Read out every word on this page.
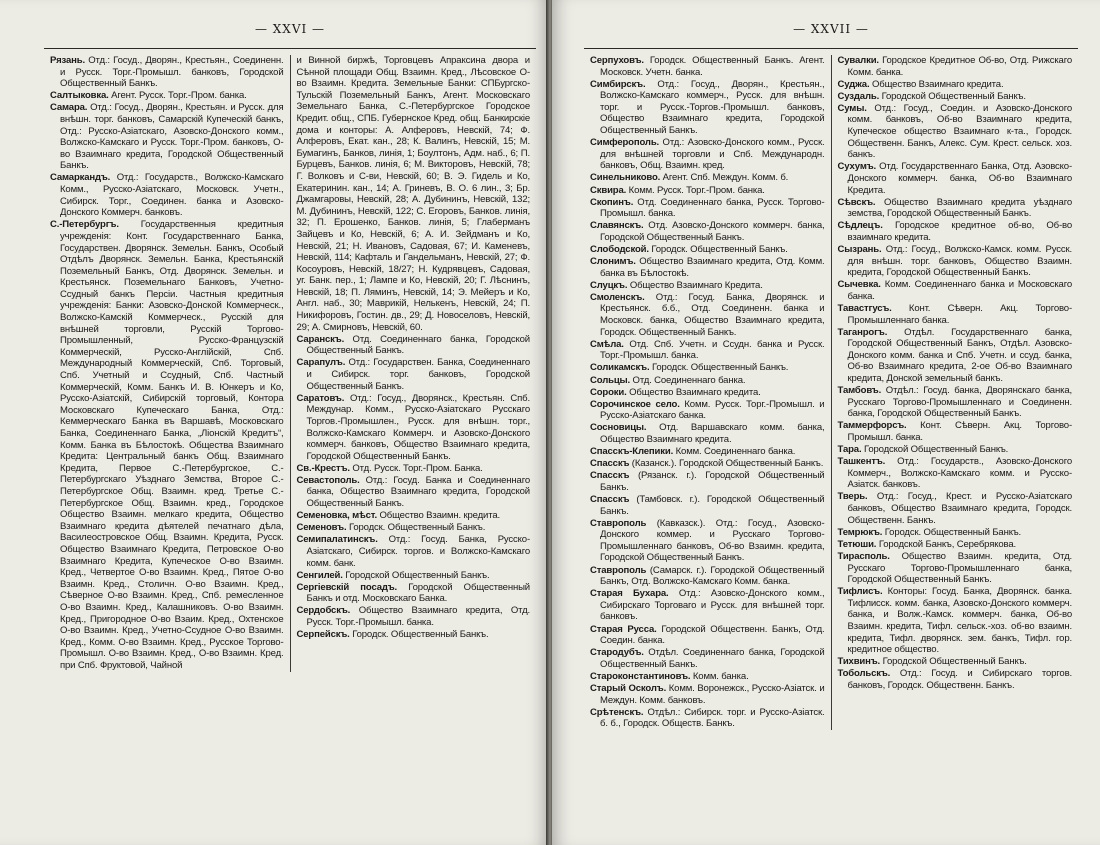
— XXVI —

Рязань. Отд.: Госуд., Дворян., Крестьян., Соединенн. и Русск. Торг.-Промышл. банковъ, Городской Общественный Банкъ.

Салтыковка. Агент. Русск. Торг.-Пром. банка.

Самара. Отд.: Госуд., Дворян., Крестьян. и Русск. для внѣшн. торг. банковъ, Самарскій Купеческій банкъ, Отд.: Русско-Азіатскаго, Азовско-Донского комм., Волжско-Камскаго и Русск. Торг.-Пром. банковъ, О-во Взаимнаго кредита, Городской Общественный Банкъ.

Самаркандъ. Отд.: Государств., Волжско-Камскаго Комм., Русско-Азіатскаго, Московск. Учетн., Сибирск. Торг., Соединен. банка и Азовско-Донского Коммерч. банковъ.

С.-Петербургъ. Государственныя кредитныя учрежденія: Конт. Государственнаго Банка, Государствен. Дворянск. Земельн. Банкъ, Особый Отдѣлъ Дворянск. Земельн. Банка, Крестьянскій Поземельный Банкъ, Отд. Дворянск. Земельн. и Крестьянск. Поземельнаго Банковъ, Учетно-Ссудный банкъ Персіи. Частныя кредитныя учрежденія: Банки: Азовско-Донской Коммерческ., Волжско-Камскій Коммерческ., Русскій для внѣшней торговли, Русскій Торгово-Промышленный, Русско-Французскій Коммерческій, Русско-Англійскій, Спб. Международный Коммерческій, Спб. Торговый, Спб. Учетный и Ссудный, Спб. Частный Коммерческій, Комм. Банкъ И. В. Юнкеръ и Ко, Русско-Азіатскій, Сибирскій торговый, Контора Московскаго Купеческаго Банка, Отд.: Кеммерческаго Банка въ Варшавѣ, Московскаго Банка, Соединеннаго Банка, „Ліонскій Кредитъ“, Комм. Банка въ Бѣлостокѣ. Общества Взаимнаго Кредита: Центральный банкъ Общ. Взаимнаго Кредита, Первое С.-Петербургское, С.-Петербургскаго Уѣзднаго Земства, Второе С.-Петербургское Общ. Взаимн. кред. Третье С.-Петербургское Общ. Взаимн. кред., Городское Общество Взаимн. мелкаго кредита, Общество Взаимнаго кредита дѣятелей печатнаго дѣла, Василеостровское Общ. Взаимн. Кредита, Русск. Общество Взаимнаго Кредита, Петровское О-во Взаимнаго Кредита, Купеческое О-во Взаимн. Кред., Четвертое О-во Взаимн. Кред., Пятое О-во Взаимн. Кред., Столичн. О-во Взаимн. Кред., Сѣверное О-во Взаимн. Кред., Спб. ремесленное О-во Взаимн. Кред., Калашниковъ. О-во Взаимн. Кред., Пригородное О-во Взаим. Кред., Охтенское О-во Взаимн. Кред., Учетно-Ссудное О-во Взаимн. Кред., Комм. О-во Взаимн. Кред., Русское Торгово-Промышл. О-во Взаимн. Кред., О-во Взаимн. Кред. при Спб. Фруктовой, Чайной

и Винной биржѣ, Торговцевъ Апраксина двора и Сѣнной площади Общ. Взаимн. Кред., Лѣсовское О-во Взаимн. Кредита. Земельные Банки: СПБургско-Тульскій Поземельный Банкъ, Агент. Московскаго Земельнаго Банка, С.-Петербургское Городское Кредит. общ., СПБ. Губернское Кред. общ. Банкирскіе дома и конторы: А. Алферовъ, Невскій, 74; Ф. Алферовъ, Екат. кан., 28; К. Валинъ, Невскій, 15; М. Бумагинъ, Банков, линія, 1; Боултонъ, Адм. наб., 6; П. Бурцевъ, Банков. линія, 6; М. Викторовъ, Невскій, 78; Г. Волковъ и С-ви, Невскій, 60; В. Э. Гидель и Ко, Екатеринин. кан., 14; А. Гриневъ, В. О. 6 лин., 3; Бр. Джамгаровы, Невскій, 28; А. Дубининъ, Невскій, 132; М. Дубининъ, Невскій, 122; С. Егоровъ, Банков. линія, 32; П. Ерошенко, Банков. линія, 5; Глаберманъ Зайцевъ и Ко, Невскій, 6; А. И. Зейдманъ и Ко, Невскій, 21; Н. Ивановъ, Садовая, 67; И. Каменевъ, Невскій, 114; Кафталь и Гандельманъ, Невскій, 27; Ф. Косоуровъ, Невскій, 18/27; Н. Кудрявцевъ, Садовая, уг. Банк. пер., 1; Лампе и Ко, Невскій, 20; Г. Лѣснинъ, Невскій, 18; П. Ляминъ, Невскій, 14; Э. Мейеръ и Ко, Англ. наб., 30; Маврикій, Нелькенъ, Невскій, 24; П. Никифоровъ, Гостин. дв., 29; Д. Новоселовъ, Невскій, 29; А. Смирновъ, Невскій, 60.

Саранскъ. Отд. Соединеннаго банка, Городской Общественный Банкъ.

Сарапулъ. Отд.: Государствен. Банка, Соединеннаго и Сибирск. торг. банковъ, Городской Общественный Банкъ.

Саратовъ. Отд.: Госуд., Дворянск., Крестьян. Спб. Междунар. Комм., Русско-Азіатскаго Русскаго Торгов.-Промышлен., Русск. для внѣшн. торг., Волжско-Камскаго Коммерч. и Азовско-Донского коммерч. банковъ, Общество Взаимнаго кредита, Городской Общественный Банкъ.

Св.-Крестъ. Отд. Русск. Торг.-Пром. Банка.

Севастополь. Отд.: Госуд. Банка и Соединеннаго банка, Общество Взаимнаго кредита, Городской Общественный Банкъ.

Семеновка, мѣст. Общество Взаимн. кредита.

Семеновъ. Городск. Общественный Банкъ.

Семипалатинскъ. Отд.: Госуд. Банка, Русско-Азіатскаго, Сибирск. торгов. и Волжско-Камскаго комм. банк.

Сенгилей. Городской Общественный Банкъ.

Сергіевскій посадъ. Городской Общественный Банкъ и отд. Московскаго Банка.

Сердобскъ. Общество Взаимнаго кредита, Отд. Русск. Торг.-Промышл. банка.

Серпейскъ. Городск. Общественный Банкъ.

— XXVII —

Серпуховъ. Городск. Общественный Банкъ. Агент. Московск. Учетн. банка.

Симбирскъ. Отд.: Госуд., Дворян., Крестьян., Волжско-Камскаго коммерч., Русск. для внѣшн. торг. и Русск.-Торгов.-Промышл. банковъ, Общество Взаимнаго кредита, Городской Общественный Банкъ.

Симферополь. Отд.: Азовско-Донского комм., Русск. для внѣшней торговли и Спб. Международн. банковъ, Общ. Взаимн. кред.

Синельниково. Агент. Спб. Междун. Комм. б.

Сквира. Комм. Русск. Торг.-Пром. банка.

Скопинъ. Отд. Соединеннаго банка, Русск. Торгово-Промышл. банка.

Славянскъ. Отд. Азовско-Донского коммерч. банка, Городской Общественный Банкъ.

Слободской. Городск. Общественный Банкъ.

Слонимъ. Общество Взаимнаго кредита, Отд. Комм. банка въ Бѣлостокѣ.

Слуцкъ. Общество Взаимнаго Кредита.

Смоленскъ. Отд.: Госуд. Банка, Дворянск. и Крестьянск. б.б., Отд. Соединенн. банка и Московск. банка, Общество Взаимнаго кредита, Городск. Общественный Банкъ.

Смѣла. Отд. Спб. Учетн. и Ссудн. банка и Русск. Торг.-Промышл. банка.

Соликамскъ. Городск. Общественный Банкъ.

Сольцы. Отд. Соединеннаго банка.

Сороки. Общество Взаимнаго кредита.

Сорочинское село. Комм. Русск. Торг.-Промышл. и Русско-Азіатскаго банка.

Сосновицы. Отд. Варшавскаго комм. банка, Общество Взаимнаго кредита.

Спасскъ-Клепики. Комм. Соединеннаго банка.

Спасскъ (Казанск.). Городской Общественный Банкъ.

Спасскъ (Рязанск. г.). Городской Общественный Банкъ.

Спасскъ (Тамбовск. г.). Городской Общественный Банкъ.

Ставрополь (Кавказск.). Отд.: Госуд., Азовско-Донского коммер. и Русскаго Торгово-Промышленнаго банковъ, Об-во Взаимн. кредита, Городской Общественный Банкъ.

Ставрополь (Самарск. г.). Городской Общественный Банкъ, Отд. Волжско-Камскаго Комм. банка.

Старая Бухара. Отд.: Азовско-Донского комм., Сибирскаго Торговаго и Русск. для внѣшней торг. банковъ.

Старая Русса. Городской Общественн. Банкъ, Отд. Соедин. банка.

Стародубъ. Отдѣл. Соединеннаго банка, Городской Общественный Банкъ.

Староконстантиновъ. Комм. банка.

Старый Осколъ. Комм. Воронежск., Русско-Азіатск. и Междун. Комм. банковъ.

Срѣтенскъ. Отдѣл.: Сибирск. торг. и Русско-Азіатск. б. б., Городск. Обществ. Банкъ.

Сувалки. Городское Кредитное Об-во, Отд. Рижскаго Комм. банка.

Суджа. Общество Взаимнаго кредита.

Суздаль. Городской Общественный Банкъ.

Сумы. Отд.: Госуд., Соедин. и Азовско-Донского комм. банковъ, Об-во Взаимнаго кредита, Купеческое общество Взаимнаго к-та., Городск. Общественн. Банкъ, Алекс. Сум. Крест. сельск. хоз. банкъ.

Сухумъ. Отд. Государственнаго Банка, Отд. Азовско-Донского коммерч. банка, Об-во Взаимнаго Кредита.

Сѣвскъ. Общество Взаимнаго кредита уѣзднаго земства, Городской Общественный Банкъ.

Сѣдлецъ. Городское кредитное об-во, Об-во взаимнаго кредита.

Сызрань. Отд.: Госуд., Волжско-Камск. комм. Русск. для внѣшн. торг. банковъ, Общество Взаимн. кредита, Городской Общественный Банкъ.

Сычевка. Комм. Соединеннаго банка и Московскаго банка.

Тавастгусъ. Конт. Сѣверн. Акц. Торгово-Промышленнаго банка.

Таганрогъ. Отдѣл. Государственнаго банка, Городской Общественный Банкъ, Отдѣл. Азовско-Донского комм. банка и Спб. Учетн. и ссуд. банка, Об-во Взаимнаго кредита, 2-ое Об-во Взаимнаго кредита, Донской земельный банкъ.

Тамбовъ. Отдѣл.: Госуд. банка, Дворянскаго банка, Русскаго Торгово-Промышленнаго и Соединенн. банка, Городской Общественный Банкъ.

Таммерфорсъ. Конт. Сѣверн. Акц. Торгово-Промышл. банка.

Тара. Городской Общественный Банкъ.

Ташкентъ. Отд.: Государств., Азовско-Донского Коммерч., Волжско-Камскаго комм. и Русско-Азіатск. банковъ.

Тверь. Отд.: Госуд., Крест. и Русско-Азіатскаго банковъ, Общество Взаимнаго кредита, Городск. Общественн. Банкъ.

Темрюкъ. Городск. Общественный Банкъ.

Тетюши. Городской Банкъ, Серебрякова.

Тирасполь. Общество Взаимн. кредита, Отд. Русскаго Торгово-Промышленнаго банка, Городской Общественный Банкъ.

Тифлисъ. Конторы: Госуд. Банка, Дворянск. банка. Тифлисск. комм. банка, Азовско-Донского коммерч. банка, и Волж.-Камск. коммерч. банка, Об-во Взаимн. кредита, Тифл. сельск.-хоз. об-во взаимн. кредита, Тифл. дворянск. зем. банкъ, Тифл. гор. кредитное общество.

Тихвинъ. Городской Общественный Банкъ.

Тобольскъ. Отд.: Госуд. и Сибирскаго торгов. банковъ, Городск. Общественн. Банкъ.
